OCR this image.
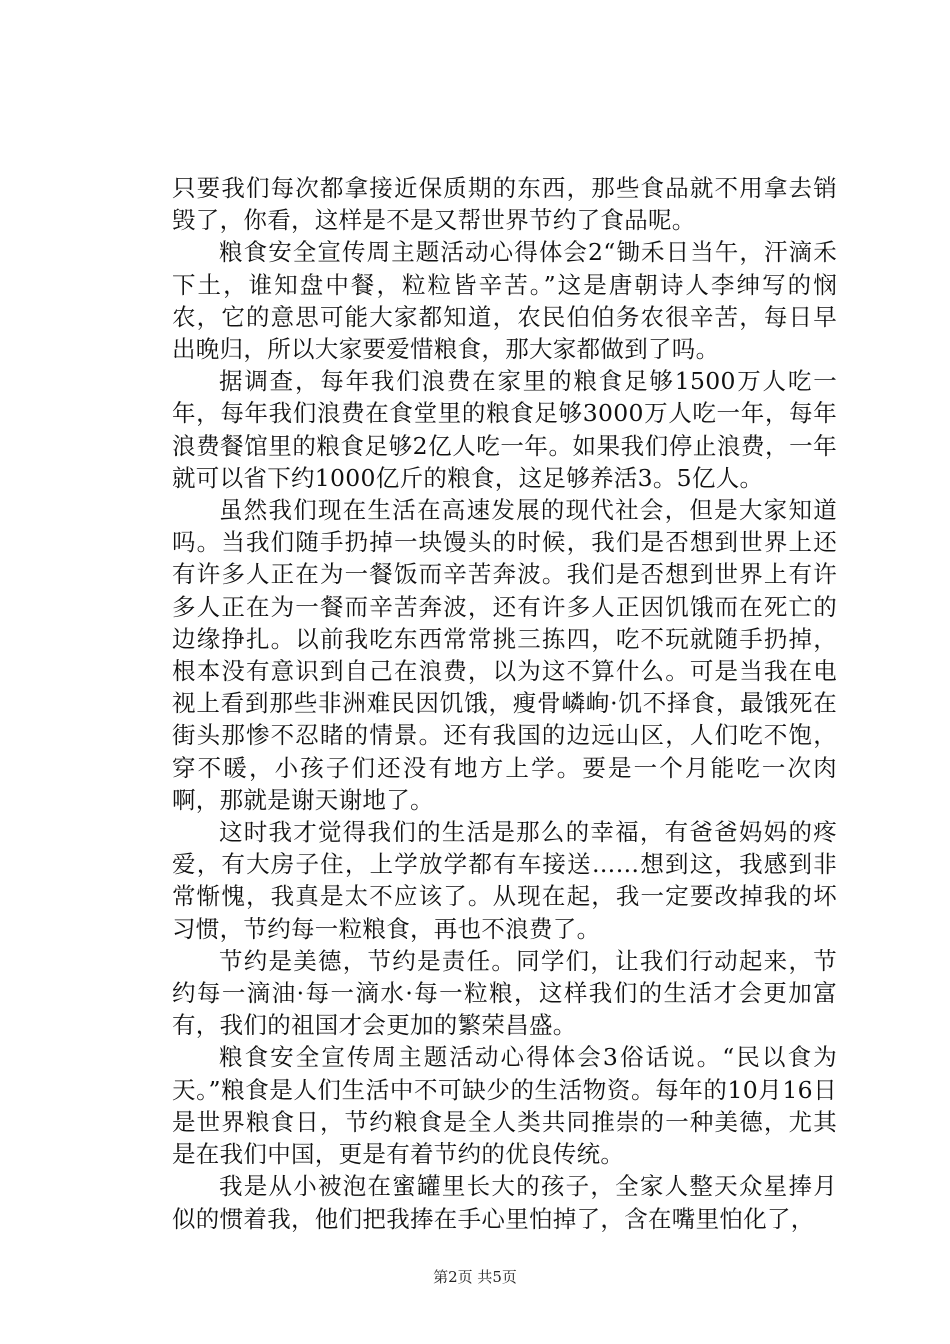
只要我们每次都拿接近保质期的东西，那些食品就不用拿去销毁了，你看，这样是不是又帮世界节约了食品呢。

粮食安全宣传周主题活动心得体会2“锄禾日当午，汗滴禾下土，谁知盘中餐，粒粒皆辛苦。”这是唐朝诗人李绅写的悯农，它的意思可能大家都知道，农民伯伯务农很辛苦，每日早出晚归，所以大家要爱惜粮食，那大家都做到了吗。

据调查，每年我们浪费在家里的粮食足够1500万人吃一年，每年我们浪费在食堂里的粮食足够3000万人吃一年，每年浪费餐馆里的粮食足够2亿人吃一年。如果我们停止浪费，一年就可以省下约1000亿斤的粮食，这足够养活3。5亿人。

虽然我们现在生活在高速发展的现代社会，但是大家知道吗。当我们随手扔掉一块馒头的时候，我们是否想到世界上还有许多人正在为一餐饭而辛苦奔波。我们是否想到世界上有许多人正在为一餐而辛苦奔波，还有许多人正因饥饿而在死亡的边缘挣扎。以前我吃东西常常挑三拣四，吃不玩就随手扔掉，根本没有意识到自己在浪费，以为这不算什么。可是当我在电视上看到那些非洲难民因饥饿，瘦骨嶙峋·饥不择食，最饿死在街头那惨不忍睹的情景。还有我国的边远山区，人们吃不饱，穿不暖，小孩子们还没有地方上学。要是一个月能吃一次肉啊，那就是谢天谢地了。

这时我才觉得我们的生活是那么的幸福，有爸爸妈妈的疼爱，有大房子住，上学放学都有车接送……想到这，我感到非常惭愧，我真是太不应该了。从现在起，我一定要改掉我的坏习惯，节约每一粒粮食，再也不浪费了。

节约是美德，节约是责任。同学们，让我们行动起来，节约每一滴油·每一滴水·每一粒粮，这样我们的生活才会更加富有，我们的祖国才会更加的繁荣昌盛。

粮食安全宣传周主题活动心得体会3俗话说。“民以食为天。”粮食是人们生活中不可缺少的生活物资。每年的10月16日是世界粮食日，节约粮食是全人类共同推崇的一种美德，尤其是在我们中国，更是有着节约的优良传统。

我是从小被泡在蜜罐里长大的孩子，全家人整天众星捧月似的惯着我，他们把我捧在手心里怕掉了，含在嘴里怕化了，

第2页 共5页
